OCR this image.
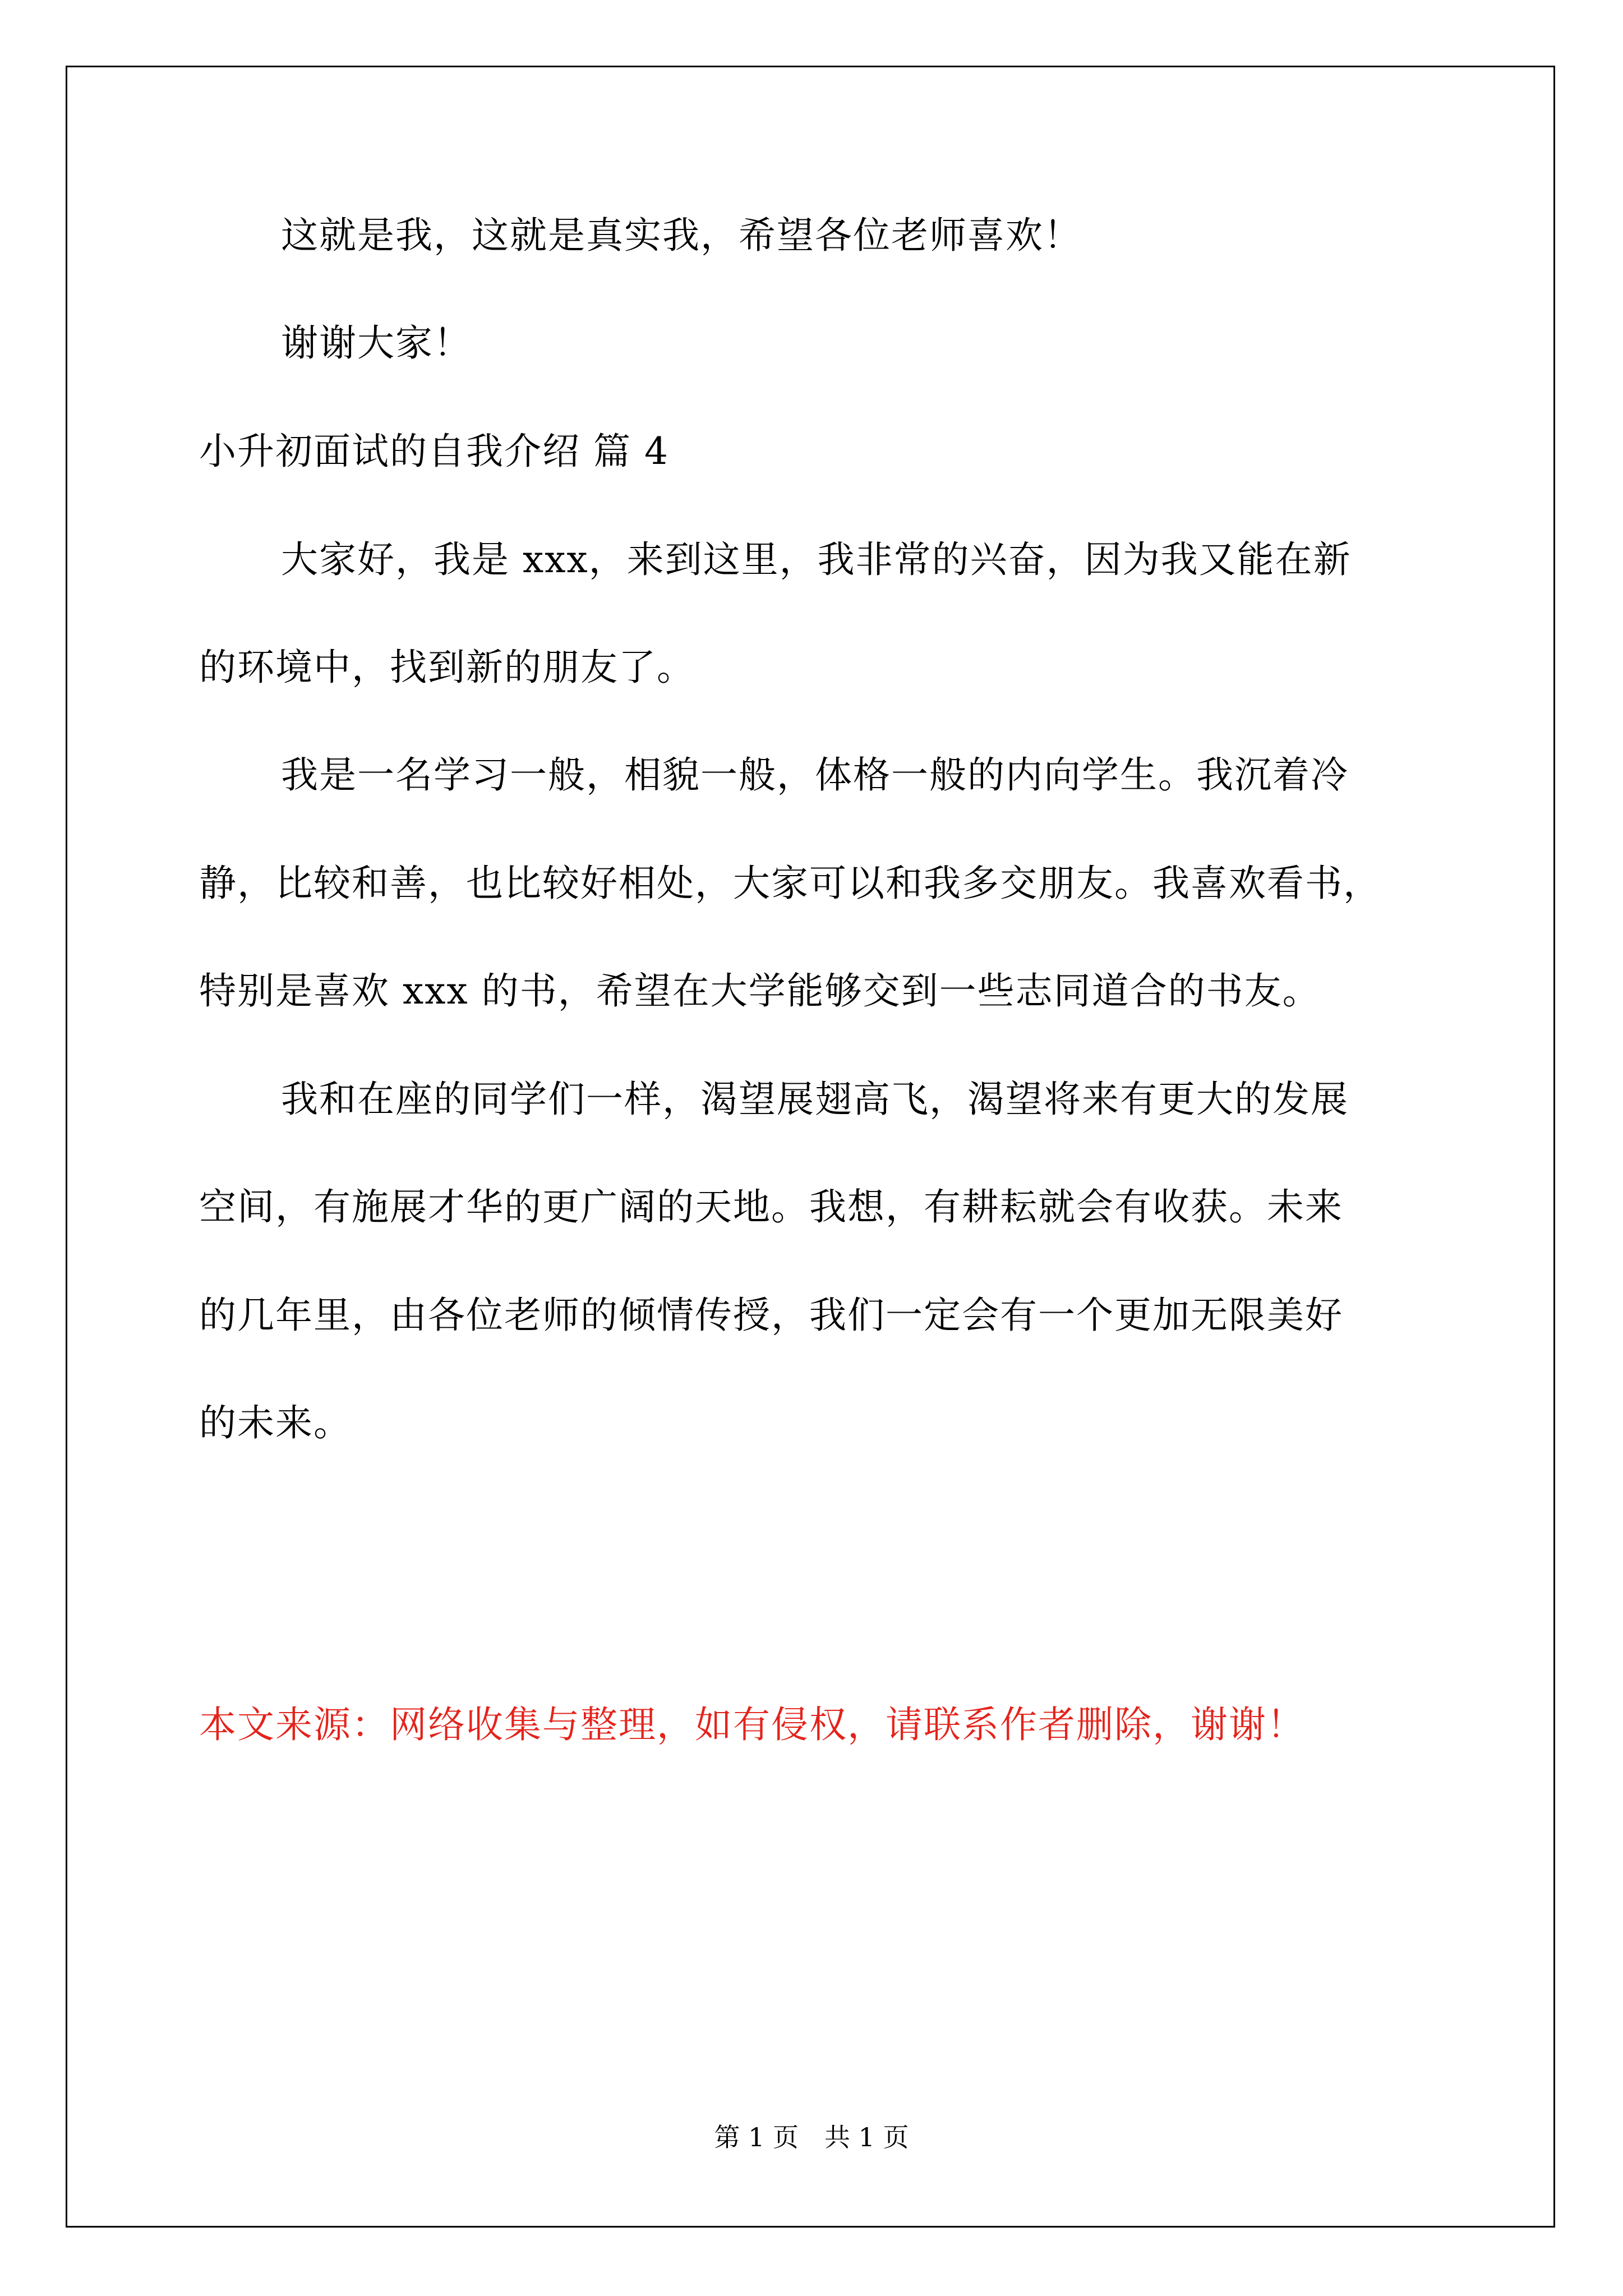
这就是我，这就是真实我，希望各位老师喜欢！
谢谢大家！
小升初面试的自我介绍 篇 4
大家好，我是 xxx，来到这里，我非常的兴奋，因为我又能在新
的环境中，找到新的朋友了。
我是一名学习一般，相貌一般，体格一般的内向学生。我沉着冷
静，比较和善，也比较好相处，大家可以和我多交朋友。我喜欢看书，
特别是喜欢 xxx 的书，希望在大学能够交到一些志同道合的书友。
我和在座的同学们一样，渴望展翅高飞，渴望将来有更大的发展
空间，有施展才华的更广阔的天地。我想，有耕耘就会有收获。未来
的几年里，由各位老师的倾情传授，我们一定会有一个更加无限美好
的未来。
本文来源：网络收集与整理，如有侵权，请联系作者删除，谢谢！
第 1 页　共 1 页
